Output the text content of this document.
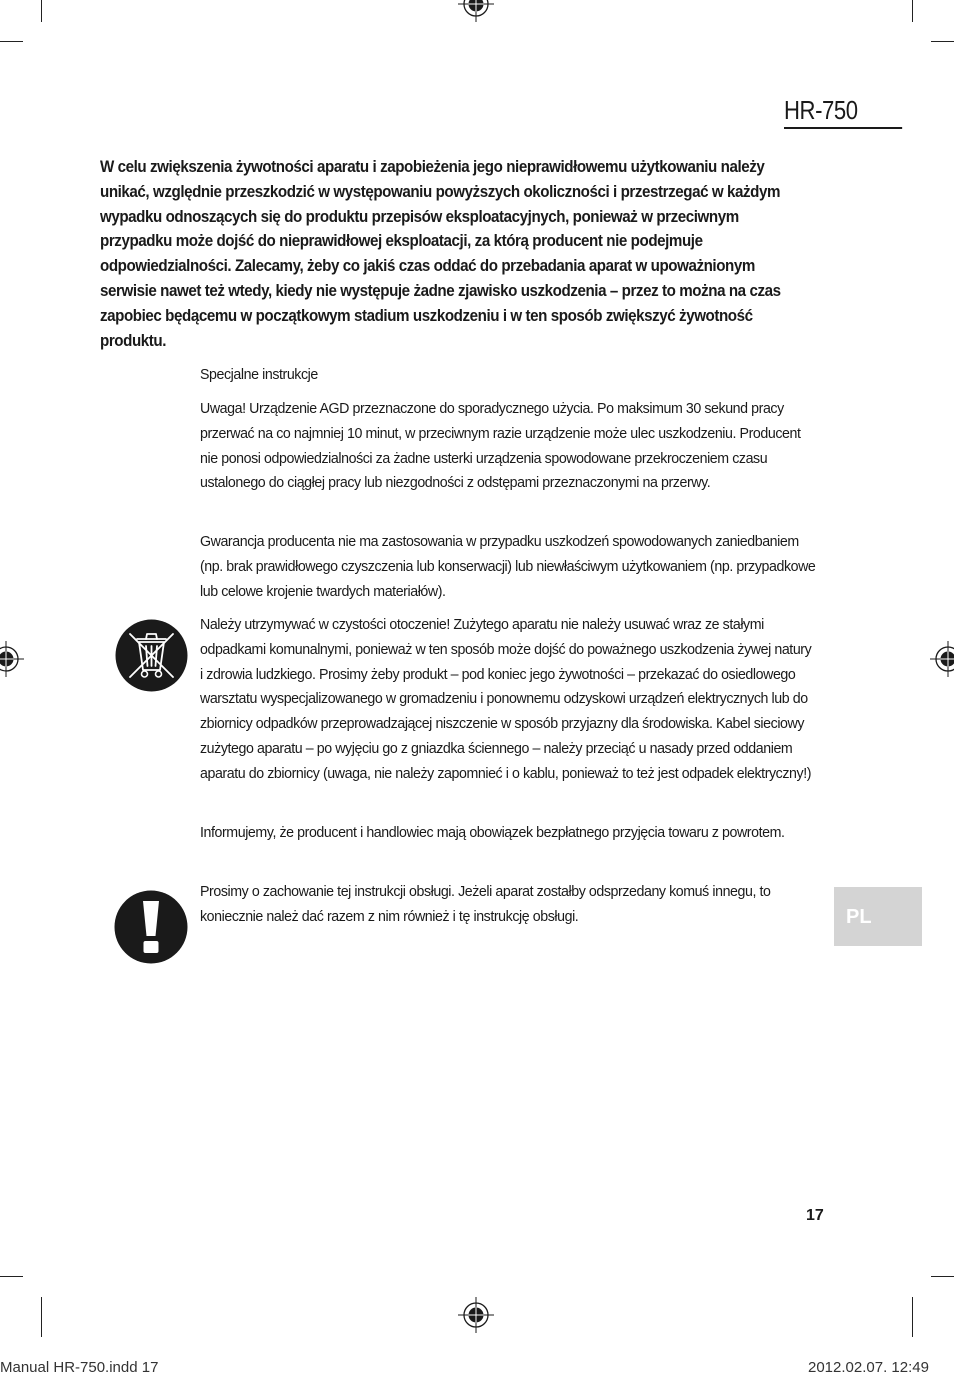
HR-750
W celu zwiększenia żywotności aparatu i zapobieżenia jego nieprawidłowemu użytkowaniu należy unikać, względnie przeszkodzić w występowaniu powyższych okoliczności i przestrzegać w każdym wypadku odnoszących się do produktu przepisów eksploatacyjnych, ponieważ w przeciwnym przypadku może dojść do nieprawidłowej eksploatacji, za którą producent nie podejmuje odpowiedzialności. Zalecamy, żeby co jakiś czas oddać do przebadania aparat w upoważnionym serwisie nawet też wtedy, kiedy nie występuje żadne zjawisko uszkodzenia – przez to można na czas zapobiec będącemu w początkowym stadium uszkodzeniu i w ten sposób zwiększyć żywotność produktu.

Specjalne instrukcje

Uwaga! Urządzenie AGD przeznaczone do sporadycznego użycia. Po maksimum 30 sekund pracy przerwać na co najmniej 10 minut, w przeciwnym razie urządzenie może ulec uszkodzeniu. Producent nie ponosi odpowiedzialności za żadne usterki urządzenia spowodowane przekroczeniem czasu ustalonego do ciągłej pracy lub niezgodności z odstępami przeznaczonymi na przerwy.

Gwarancja producenta nie ma zastosowania w przypadku uszkodzeń spowodowanych zaniedbaniem (np. brak prawidłowego czyszczenia lub konserwacji) lub niewłaściwym użytkowaniem (np. przypadkowe lub celowe krojenie twardych materiałów).

Należy utrzymywać w czystości otoczenie! Zużytego aparatu nie należy usuwać wraz ze stałymi odpadkami komunalnymi, ponieważ w ten sposób może dojść do poważnego uszkodzenia żywej natury i zdrowia ludzkiego. Prosimy żeby produkt – pod koniec jego żywotności – przekazać do osiedlowego warsztatu wyspecjalizowanego w gromadzeniu i ponownemu odzyskowi urządzeń elektrycznych lub do zbiornicy odpadków przeprowadzającej niszczenie w sposób przyjazny dla środowiska. Kabel sieciowy zużytego aparatu – po wyjęciu go z gniazdka ściennego – należy przeciąć u nasady przed oddaniem aparatu do zbiornicy (uwaga, nie należy zapomnieć i o kablu, ponieważ to też jest odpadek elektryczny!)

Informujemy, że producent i handlowiec mają obowiązek bezpłatnego przyjęcia towaru z powrotem.

Prosimy o zachowanie tej instrukcji obsługi. Jeżeli aparat zostałby odsprzedany komuś innegu, to koniecznie należ dać razem z nim również i tę instrukcję obsługi.	PL
17
Manual HR-750.indd 17	2012.02.07. 12:49
